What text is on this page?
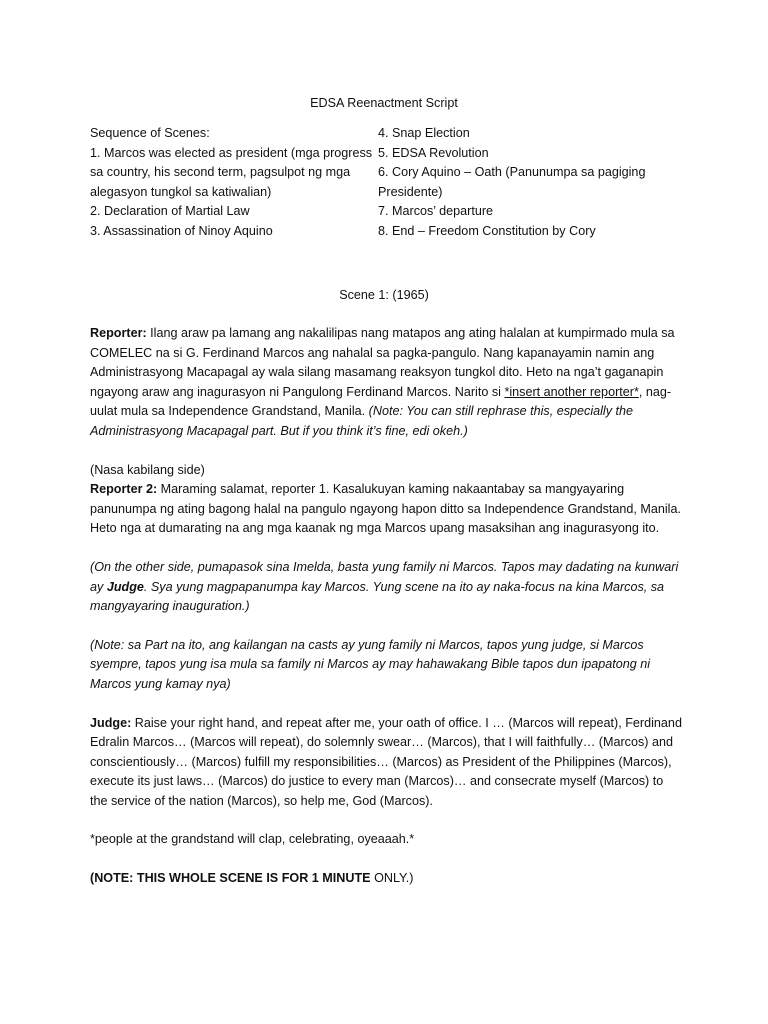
EDSA Reenactment Script
Sequence of Scenes:
1. Marcos was elected as president (mga progress sa country, his second term, pagsulpot ng mga alegasyon tungkol sa katiwalian)
2. Declaration of Martial Law
3. Assassination of Ninoy Aquino
4. Snap Election
5. EDSA Revolution
6. Cory Aquino – Oath (Panunumpa sa pagiging Presidente)
7. Marcos’ departure
8. End – Freedom Constitution by Cory
Scene 1: (1965)

Reporter: Ilang araw pa lamang ang nakalilipas nang matapos ang ating halalan at kumpirmado mula sa COMELEC na si G. Ferdinand Marcos ang nahalal sa pagka-pangulo. Nang kapanayamin namin ang Administrasyong Macapagal ay wala silang masamang reaksyon tungkol dito. Heto na nga’t gaganapin ngayong araw ang inagurasyon ni Pangulong Ferdinand Marcos. Narito si *insert another reporter*, nag-uulat mula sa Independence Grandstand, Manila. (Note: You can still rephrase this, especially the Administrasyong Macapagal part. But if you think it’s fine, edi okeh.)

(Nasa kabilang side)

Reporter 2: Maraming salamat, reporter 1. Kasalukuyan kaming nakaantabay sa mangyayaring panunumpa ng ating bagong halal na pangulo ngayong hapon ditto sa Independence Grandstand, Manila. Heto nga at dumarating na ang mga kaanak ng mga Marcos upang masaksihan ang inagurasyong ito.

(On the other side, pumapasok sina Imelda, basta yung family ni Marcos. Tapos may dadating na kunwari ay Judge. Sya yung magpapanumpa kay Marcos. Yung scene na ito ay naka-focus na kina Marcos, sa mangyayaring inauguration.)

(Note: sa Part na ito, ang kailangan na casts ay yung family ni Marcos, tapos yung judge, si Marcos syempre, tapos yung isa mula sa family ni Marcos ay may hahawakang Bible tapos dun ipapatong ni Marcos yung kamay nya)

Judge: Raise your right hand, and repeat after me, your oath of office. I … (Marcos will repeat), Ferdinand Edralin Marcos… (Marcos will repeat), do solemnly swear… (Marcos), that I will faithfully… (Marcos) and conscientiously… (Marcos) fulfill my responsibilities… (Marcos) as President of the Philippines (Marcos), execute its just laws… (Marcos) do justice to every man (Marcos)… and consecrate myself (Marcos) to the service of the nation (Marcos), so help me, God (Marcos).

*people at the grandstand will clap, celebrating, oyeaaah.*

(NOTE: THIS WHOLE SCENE IS FOR 1 MINUTE ONLY.)
